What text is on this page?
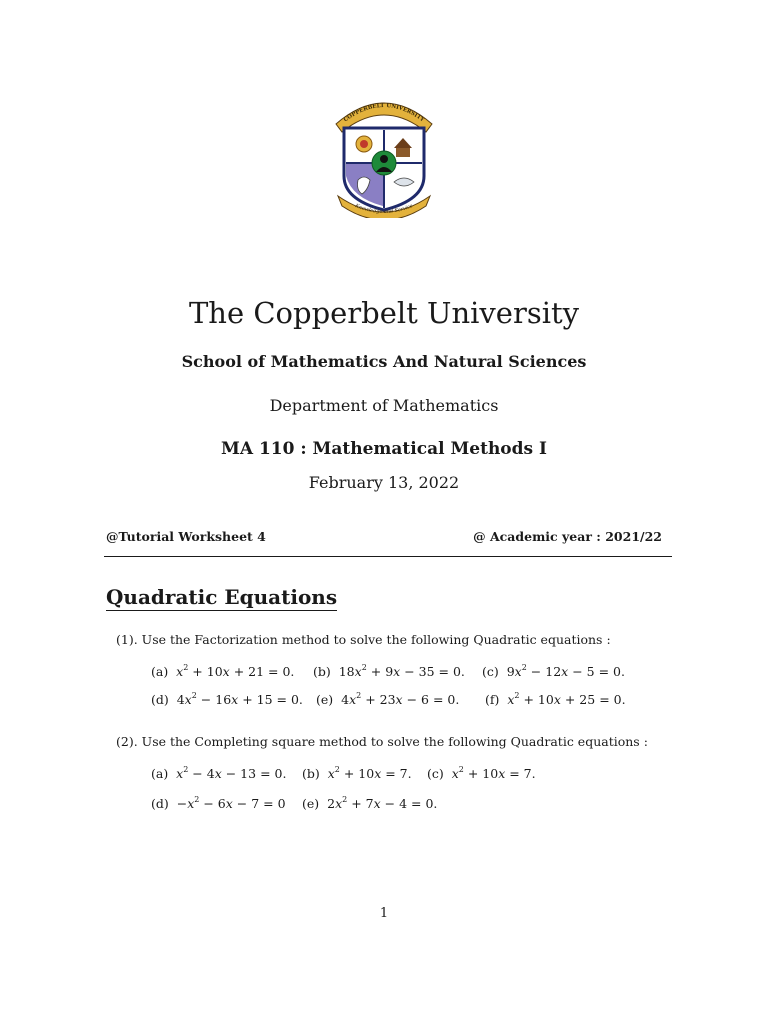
COPPERBELT UNIVERSITY
Knowledge and Service
The Copperbelt University
School of Mathematics And Natural Sciences
Department of Mathematics
MA 110 : Mathematical Methods I
February 13, 2022
@Tutorial Worksheet 4	@ Academic year : 2021/22
Quadratic Equations
(1). Use the Factorization method to solve the following Quadratic equations :
(a)  $x^2 + 10x + 21 = 0$. (b)  $18x^2 + 9x - 35 = 0$. (c)  $9x^2 - 12x - 5 = 0$.
(d)  $4x^2 - 16x + 15 = 0$. (e)  $4x^2 + 23x - 6 = 0$. (f)  $x^2 + 10x + 25 = 0$.
(2). Use the Completing square method to solve the following Quadratic equations :
(a)  $x^2 - 4x - 13 = 0$. (b)  $x^2 + 10x = 7$. (c)  $x^2 + 10x = 7$.
$(d) -x^2 - 6x - 7 = 0$ (e)  $2x^2 + 7x - 4 = 0$.
1
